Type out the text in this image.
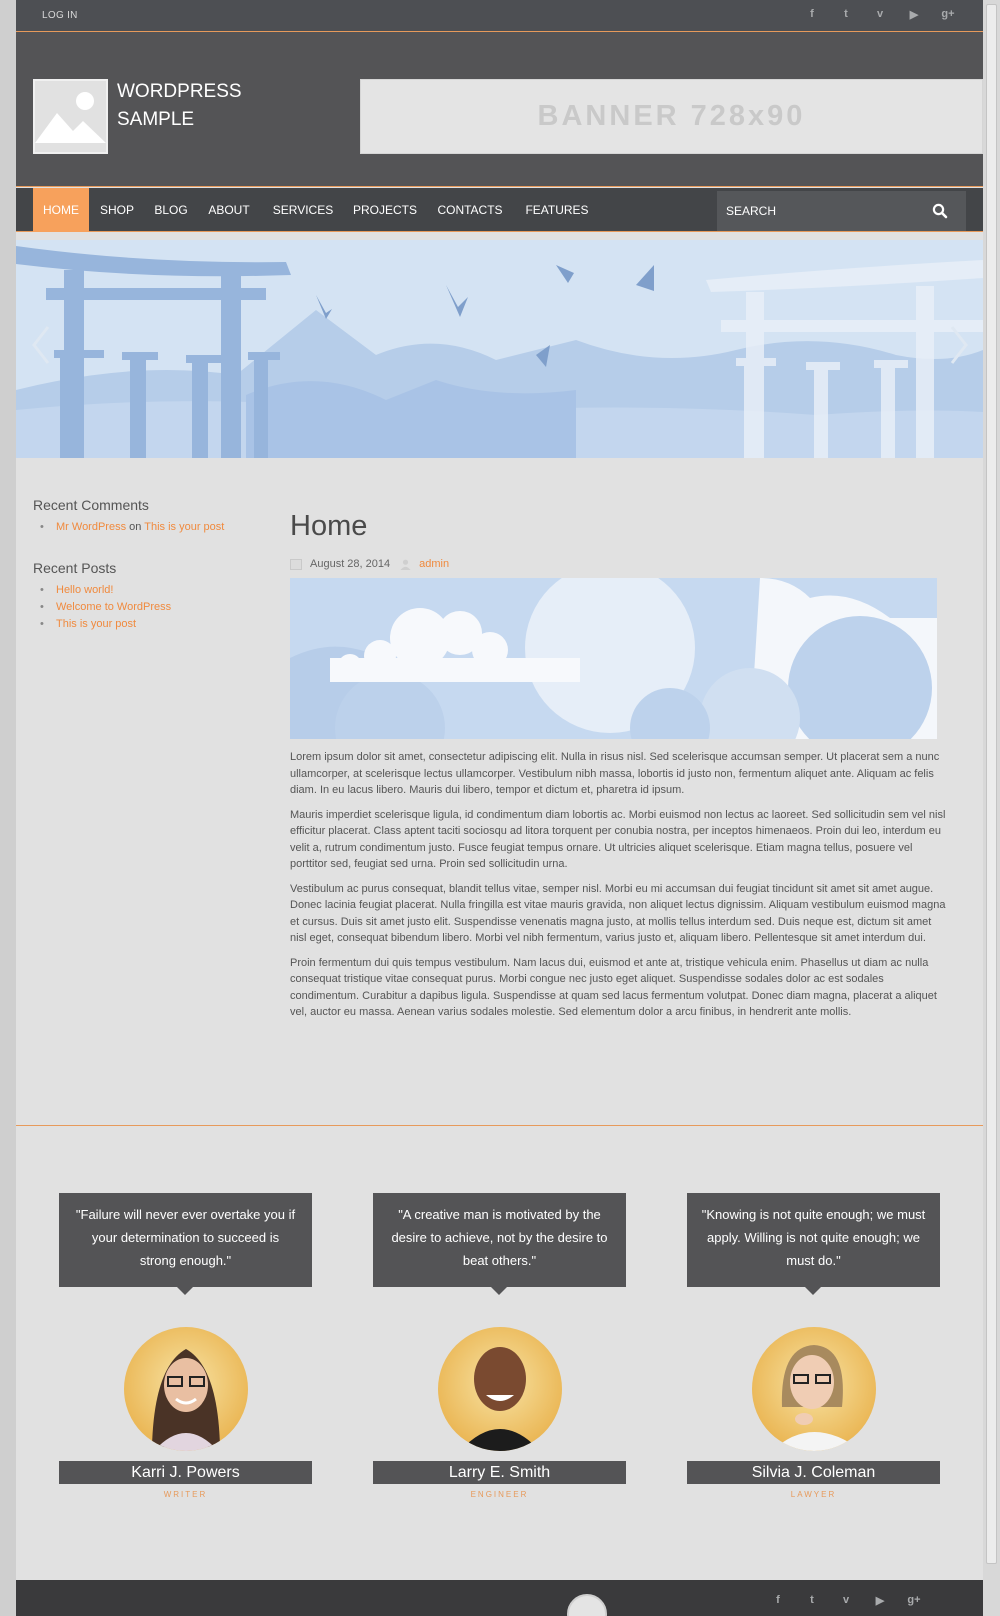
LOG IN	f	t	v	▶	g+
WORDPRESS
SAMPLE	BANNER 728x90
HOME	SHOP	BLOG	ABOUT	SERVICES	PROJECTS	CONTACTS	FEATURES
SEARCH
Recent Comments
• Mr WordPress on This is your post
Recent Posts
• Hello world!
• Welcome to WordPress
• This is your post
Home
August 28, 2014	admin

Lorem ipsum dolor sit amet, consectetur adipiscing elit. Nulla in risus nisl. Sed scelerisque accumsan semper. Ut placerat sem a nunc ullamcorper, at scelerisque lectus ullamcorper. Vestibulum nibh massa, lobortis id justo non, fermentum aliquet ante. Aliquam ac felis diam. In eu lacus libero. Mauris dui libero, tempor et dictum et, pharetra id ipsum.

Mauris imperdiet scelerisque ligula, id condimentum diam lobortis ac. Morbi euismod non lectus ac laoreet. Sed sollicitudin sem vel nisl efficitur placerat. Class aptent taciti sociosqu ad litora torquent per conubia nostra, per inceptos himenaeos. Proin dui leo, interdum eu velit a, rutrum condimentum justo. Fusce feugiat tempus ornare. Ut ultricies aliquet scelerisque. Etiam magna tellus, posuere vel porttitor sed, feugiat sed urna. Proin sed sollicitudin urna.

Vestibulum ac purus consequat, blandit tellus vitae, semper nisl. Morbi eu mi accumsan dui feugiat tincidunt sit amet sit amet augue. Donec lacinia feugiat placerat. Nulla fringilla est vitae mauris gravida, non aliquet lectus dignissim. Aliquam vestibulum euismod magna et cursus. Duis sit amet justo elit. Suspendisse venenatis magna justo, at mollis tellus interdum sed. Duis neque est, dictum sit amet nisl eget, consequat bibendum libero. Morbi vel nibh fermentum, varius justo et, aliquam libero. Pellentesque sit amet interdum dui.

Proin fermentum dui quis tempus vestibulum. Nam lacus dui, euismod et ante at, tristique vehicula enim. Phasellus ut diam ac nulla consequat tristique vitae consequat purus. Morbi congue nec justo eget aliquet. Suspendisse sodales dolor ac est sodales condimentum. Curabitur a dapibus ligula. Suspendisse at quam sed lacus fermentum volutpat. Donec diam magna, placerat a aliquet vel, auctor eu massa. Aenean varius sodales molestie. Sed elementum dolor a arcu finibus, in hendrerit ante mollis.

"Failure will never ever overtake you if your determination to succeed is strong enough."
Karri J. Powers
WRITER
"A creative man is motivated by the desire to achieve, not by the desire to beat others."
Larry E. Smith
ENGINEER
"Knowing is not quite enough; we must apply. Willing is not quite enough; we must do."
Silvia J. Coleman
LAWYER
f	t	v	▶	g+
